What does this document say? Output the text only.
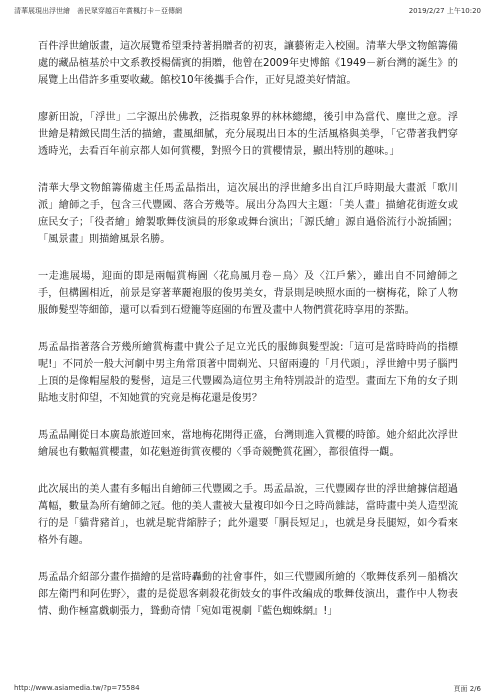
清華展現出浮世繪　善民眾穿越百年賞楓打卡－亞傳網	2019/2/27 上午10:20

百件浮世繪版畫，這次展覽希望秉持著捐贈者的初衷，讓藝術走入校園。清華大學文物館籌備處的藏品植基於中文系教授楊儒賓的捐贈，他曾在2009年史博館《1949－新台灣的誕生》的展覽上出借許多重要收藏。館校10年後攜手合作，正好見證美好情誼。

廖新田說，「浮世」二字源出於佛教，泛指現象界的林林總總，後引申為當代、塵世之意。浮世繪是精緻民間生活的描繪，畫風細膩，充分展現出日本的生活風格與美學，「它帶著我們穿透時光，去看百年前京都人如何賞櫻，對照今日的賞櫻情景，顯出特別的趣味。」

清華大學文物館籌備處主任馬孟晶指出，這次展出的浮世繪多出自江戶時期最大畫派「歌川派」繪師之手，包含三代豐國、落合芳幾等。展出分為四大主題：「美人畫」描繪花街遊女或庶民女子；「役者繪」繪製歌舞伎演員的形象或舞台演出；「源氏繪」源自過俗流行小說插圖；「風景畫」則描繪風景名勝。

一走進展場，迎面的即是兩幅賞梅圖〈花鳥風月卷－鳥〉及〈江戶紫〉，雖出自不同繪師之手，但構圖相近，前景是穿著華麗袍服的俊男美女，背景則是映照水面的一樹梅花，除了人物服飾髮型等細節，還可以看到石燈籠等庭園的布置及畫中人物們賞花時享用的茶點。

馬孟晶指著落合芳幾所繪賞梅畫中貴公子足立光氏的服飾與髮型說:「這可是當時時尚的指標呢!」不同於一般大河劇中男主角常頂著中間剃光、只留兩邊的「月代頭」，浮世繪中男子腦門上頂的是像帽屋般的髮髻，這是三代豐國為這位男主角特別設計的造型。畫面左下角的女子則貼地支肘仰望，不知她賞的究竟是梅花還是俊男？

馬孟晶剛從日本廣島旅遊回來，當地梅花開得正盛，台灣則進入賞櫻的時節。她介紹此次浮世繪展也有數幅賞櫻畫，如花魁遊街賞夜櫻的〈爭奇競艷賞花圖〉，都很值得一觀。

此次展出的美人畫有多幅出自繪師三代豐國之手。馬孟晶說，三代豐國存世的浮世繪據信超過萬幅，數量為所有繪師之冠。他的美人畫被大量複印如今日之時尚雜誌，當時畫中美人造型流行的是「貓背豬首」，也就是駝背縮脖子；此外還要「胴長短足」，也就是身長腿短，如今看來格外有趣。

馬孟晶介紹部分畫作描繪的是當時轟動的社會事件，如三代豐國所繪的〈歌舞伎系列－船橋次郎左衛門和阿佐野〉，畫的是從恩客刺殺花街妓女的事件改編成的歌舞伎演出，畫作中人物表情、動作極富戲劇張力，聳動奇情「宛如電視劇『藍色蜘蛛網』!」

http://www.asiamedia.tw/?p=75584	頁面 2/6
